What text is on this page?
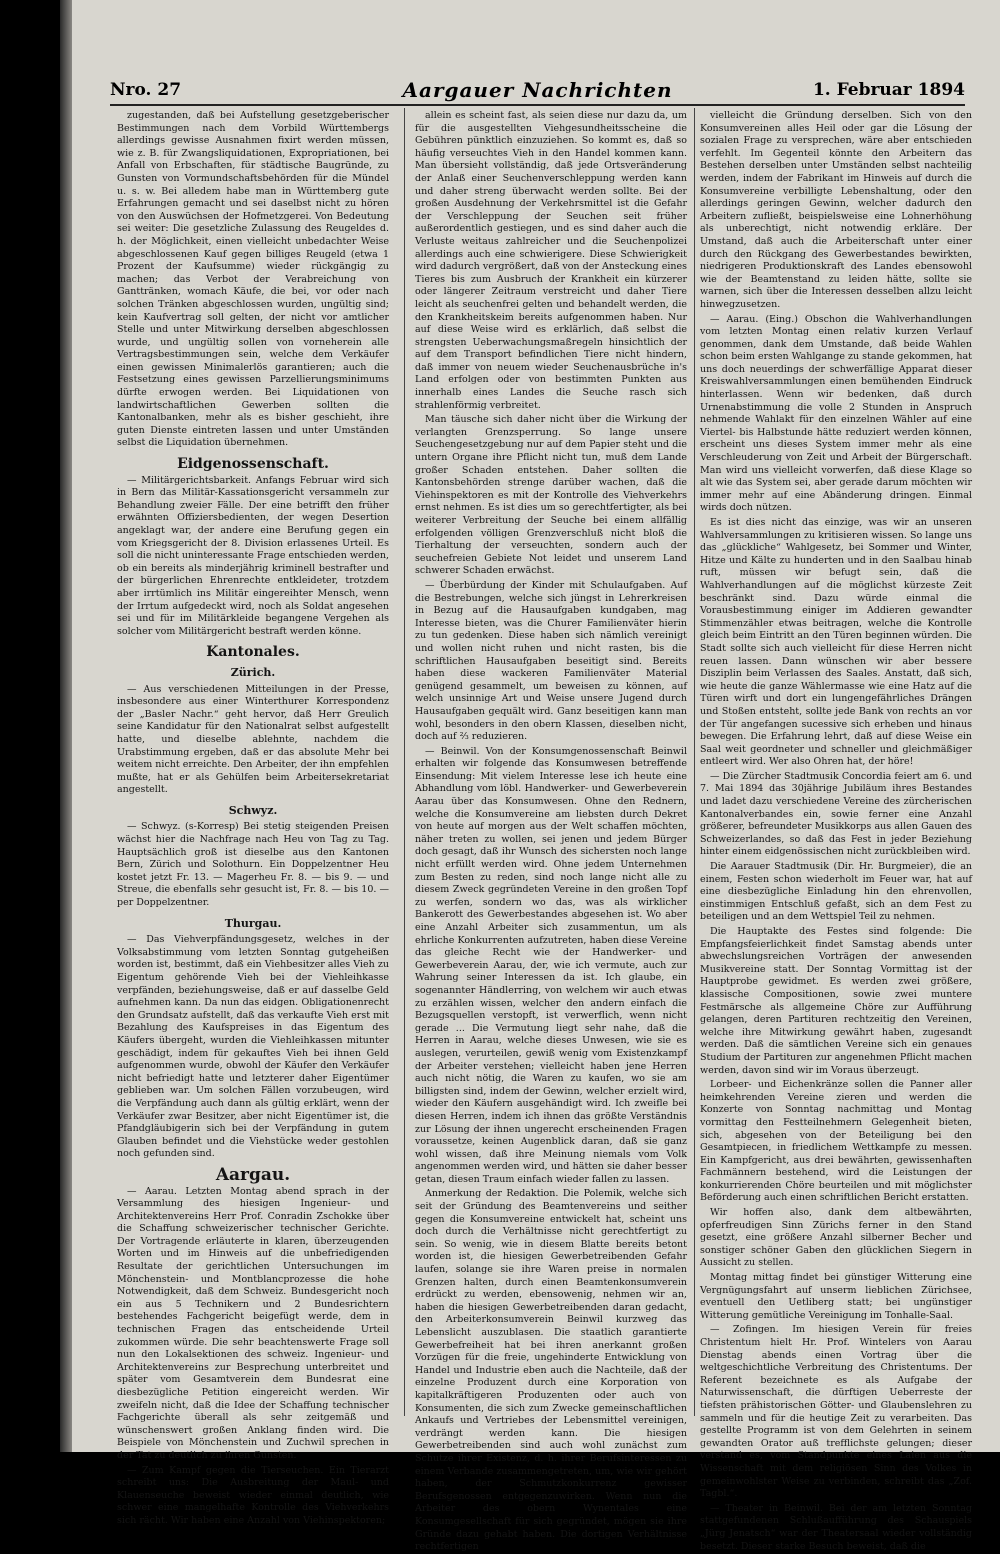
Nro. 27	Aargauer Nachrichten	1. Februar 1894

zugestanden, daß bei Aufstellung gesetzgeberischer Bestimmungen nach dem Vorbild Württembergs allerdings gewisse Ausnahmen fixirt werden müssen, wie z. B. für Zwangsliquidationen, Expropriationen, bei Anfall von Erbschaften, für städtische Baugründe, zu Gunsten von Vormundschaftsbehörden für die Mündel u. s. w. Bei alledem habe man in Württemberg gute Erfahrungen gemacht und sei daselbst nicht zu hören von den Auswüchsen der Hofmetzgerei. Von Bedeutung sei weiter: Die gesetzliche Zulassung des Reugeldes d. h. der Möglichkeit, einen vielleicht unbedachter Weise abgeschlossenen Kauf gegen billiges Reugeld (etwa 1 Prozent der Kaufsumme) wieder rückgängig zu machen; das Verbot der Verabreichung von Ganttränken, womach Käufe, die bei, vor oder nach solchen Tränken abgeschlossen wurden, ungültig sind; kein Kaufvertrag soll gelten, der nicht vor amtlicher Stelle und unter Mitwirkung derselben abgeschlossen wurde, und ungültig sollen von vorneherein alle Vertragsbestimmungen sein, welche dem Verkäufer einen gewissen Minimalerlös garantieren; auch die Festsetzung eines gewissen Parzellierungsminimums dürfte erwogen werden. Bei Liquidationen von landwirtschaftlichen Gewerben sollten die Kantonalbanken, mehr als es bisher geschieht, ihre guten Dienste eintreten lassen und unter Umständen selbst die Liquidation übernehmen.

Eidgenossenschaft.

— Militärgerichtsbarkeit. Anfangs Februar wird sich in Bern das Militär-Kassationsgericht versammeln zur Behandlung zweier Fälle. Der eine betrifft den früher erwähnten Offiziersbedienten, der wegen Desertion angeklagt war, der andere eine Berufung gegen ein vom Kriegsgericht der 8. Division erlassenes Urteil. Es soll die nicht uninteressante Frage entschieden werden, ob ein bereits als minderjährig kriminell bestrafter und der bürgerlichen Ehrenrechte entkleideter, trotzdem aber irrtümlich ins Militär eingereihter Mensch, wenn der Irrtum aufgedeckt wird, noch als Soldat angesehen sei und für im Militärkleide begangene Vergehen als solcher vom Militärgericht bestraft werden könne.

Kantonales.

Zürich.

— Aus verschiedenen Mitteilungen in der Presse, insbesondere aus einer Winterthurer Korrespondenz der „Basler Nachr.“ geht hervor, daß Herr Greulich seine Kandidatur für den Nationalrat selbst aufgestellt hatte, und dieselbe ablehnte, nachdem die Urabstimmung ergeben, daß er das absolute Mehr bei weitem nicht erreichte. Den Arbeiter, der ihn empfehlen mußte, hat er als Gehülfen beim Arbeitersekretariat angestellt.

Schwyz.

— Schwyz. (s-Korresp) Bei stetig steigenden Preisen wächst hier die Nachfrage nach Heu von Tag zu Tag. Hauptsächlich groß ist dieselbe aus den Kantonen Bern, Zürich und Solothurn. Ein Doppelzentner Heu kostet jetzt Fr. 13. — Magerheu Fr. 8. — bis 9. — und Streue, die ebenfalls sehr gesucht ist, Fr. 8. — bis 10. — per Doppelzentner.

Thurgau.

— Das Viehverpfändungsgesetz, welches in der Volksabstimmung vom letzten Sonntag gutgeheißen worden ist, bestimmt, daß ein Viehbesitzer alles Vieh zu Eigentum gehörende Vieh bei der Viehleihkasse verpfänden, beziehungsweise, daß er auf dasselbe Geld aufnehmen kann. Da nun das eidgen. Obligationenrecht den Grundsatz aufstellt, daß das verkaufte Vieh erst mit Bezahlung des Kaufspreises in das Eigentum des Käufers übergeht, wurden die Viehleihkassen mitunter geschädigt, indem für gekauftes Vieh bei ihnen Geld aufgenommen wurde, obwohl der Käufer den Verkäufer nicht befriedigt hatte und letzterer daher Eigentümer geblieben war. Um solchen Fällen vorzubeugen, wird die Verpfändung auch dann als gültig erklärt, wenn der Verkäufer zwar Besitzer, aber nicht Eigentümer ist, die Pfandgläubigerin sich bei der Verpfändung in gutem Glauben befindet und die Viehstücke weder gestohlen noch gefunden sind.

Aargau.

— Aarau. Letzten Montag abend sprach in der Versammlung des hiesigen Ingenieur- und Architektenvereins Herr Prof. Conradin Zschokke über die Schaffung schweizerischer technischer Gerichte. Der Vortragende erläuterte in klaren, überzeugenden Worten und im Hinweis auf die unbefriedigenden Resultate der gerichtlichen Untersuchungen im Mönchenstein- und Montblancprozesse die hohe Notwendigkeit, daß dem Schweiz. Bundesgericht noch ein aus 5 Technikern und 2 Bundesrichtern bestehendes Fachgericht beigefügt werde, dem in technischen Fragen das entscheidende Urteil zukommen würde. Die sehr beachtenswerte Frage soll nun den Lokalsektionen des schweiz. Ingenieur- und Architektenvereins zur Besprechung unterbreitet und später vom Gesamtverein dem Bundesrat eine diesbezügliche Petition eingereicht werden. Wir zweifeln nicht, daß die Idee der Schaffung technischer Fachgerichte überall als sehr zeitgemäß und wünschenswert großen Anklang finden wird. Die Beispiele von Mönchenstein und Zuchwil sprechen in der Tat zu deutlich zu ihren Gunsten.

— Zum Kampf gegen die Tierseuchen. Ein Tierarzt schreibt uns: Die Ausbreitung der Maul- und Klauenseuche beweist wieder einmal deutlich, wie schwer eine mangelhafte Kontrolle des Viehverkehrs sich rächt. Wir haben eine Anzahl von Viehinspektoren;

allein es scheint fast, als seien diese nur dazu da, um für die ausgestellten Viehgesundheitsscheine die Gebühren pünktlich einzuziehen. So kommt es, daß so häufig verseuchtes Vieh in den Handel kommen kann. Man übersieht vollständig, daß jede Ortsveränderung der Anlaß einer Seuchenverschleppung werden kann und daher streng überwacht werden sollte. Bei der großen Ausdehnung der Verkehrsmittel ist die Gefahr der Verschleppung der Seuchen seit früher außerordentlich gestiegen, und es sind daher auch die Verluste weitaus zahlreicher und die Seuchenpolizei allerdings auch eine schwierigere. Diese Schwierigkeit wird dadurch vergrößert, daß von der Ansteckung eines Tieres bis zum Ausbruch der Krankheit ein kürzerer oder längerer Zeitraum verstreicht und daher Tiere leicht als seuchenfrei gelten und behandelt werden, die den Krankheitskeim bereits aufgenommen haben. Nur auf diese Weise wird es erklärlich, daß selbst die strengsten Ueberwachungsmaßregeln hinsichtlich der auf dem Transport befindlichen Tiere nicht hindern, daß immer von neuem wieder Seuchenausbrüche in's Land erfolgen oder von bestimmten Punkten aus innerhalb eines Landes die Seuche rasch sich strahlenförmig verbreitet.

Man täusche sich daher nicht über die Wirkung der verlangten Grenzsperrung. So lange unsere Seuchengesetzgebung nur auf dem Papier steht und die untern Organe ihre Pflicht nicht tun, muß dem Lande großer Schaden entstehen. Daher sollten die Kantonsbehörden strenge darüber wachen, daß die Viehinspektoren es mit der Kontrolle des Viehverkehrs ernst nehmen. Es ist dies um so gerechtfertigter, als bei weiterer Verbreitung der Seuche bei einem allfällig erfolgenden völligen Grenzverschluß nicht bloß die Tierhaltung der verseuchten, sondern auch der seuchefreien Gebiete Not leidet und unserem Land schwerer Schaden erwächst.

— Überbürdung der Kinder mit Schulaufgaben. Auf die Bestrebungen, welche sich jüngst in Lehrerkreisen in Bezug auf die Hausaufgaben kundgaben, mag Interesse bieten, was die Churer Familienväter hierin zu tun gedenken. Diese haben sich nämlich vereinigt und wollen nicht ruhen und nicht rasten, bis die schriftlichen Hausaufgaben beseitigt sind. Bereits haben diese wackeren Familienväter Material genügend gesammelt, um beweisen zu können, auf welch unsinnige Art und Weise unsere Jugend durch Hausaufgaben gequält wird. Ganz beseitigen kann man wohl, besonders in den obern Klassen, dieselben nicht, doch auf ⅔ reduzieren.

— Beinwil. Von der Konsumgenossenschaft Beinwil erhalten wir folgende das Konsumwesen betreffende Einsendung: Mit vielem Interesse lese ich heute eine Abhandlung vom löbl. Handwerker- und Gewerbeverein Aarau über das Konsumwesen. Ohne den Rednern, welche die Konsumvereine am liebsten durch Dekret von heute auf morgen aus der Welt schaffen möchten, näher treten zu wollen, sei jenen und jedem Bürger doch gesagt, daß ihr Wunsch des sichersten noch lange nicht erfüllt werden wird. Ohne jedem Unternehmen zum Besten zu reden, sind noch lange nicht alle zu diesem Zweck gegründeten Vereine in den großen Topf zu werfen, sondern wo das, was als wirklicher Bankerott des Gewerbestandes abgesehen ist. Wo aber eine Anzahl Arbeiter sich zusammentun, um als ehrliche Konkurrenten aufzutreten, haben diese Vereine das gleiche Recht wie der Handwerker- und Gewerbeverein Aarau, der, wie ich vermute, auch zur Wahrung seiner Interessen da ist. Ich glaube, ein sogenannter Händlerring, von welchem wir auch etwas zu erzählen wissen, welcher den andern einfach die Bezugsquellen verstopft, ist verwerflich, wenn nicht gerade ... Die Vermutung liegt sehr nahe, daß die Herren in Aarau, welche dieses Unwesen, wie sie es auslegen, verurteilen, gewiß wenig vom Existenzkampf der Arbeiter verstehen; vielleicht haben jene Herren auch nicht nötig, die Waren zu kaufen, wo sie am billigsten sind, indem der Gewinn, welcher erzielt wird, wieder den Käufern ausgehändigt wird. Ich zweifle bei diesen Herren, indem ich ihnen das größte Verständnis zur Lösung der ihnen ungerecht erscheinenden Fragen voraussetze, keinen Augenblick daran, daß sie ganz wohl wissen, daß ihre Meinung niemals vom Volk angenommen werden wird, und hätten sie daher besser getan, diesen Traum einfach wieder fallen zu lassen.

Anmerkung der Redaktion. Die Polemik, welche sich seit der Gründung des Beamtenvereins und seither gegen die Konsumvereine entwickelt hat, scheint uns doch durch die Verhältnisse nicht gerechtfertigt zu sein. So wenig, wie in diesem Blatte bereits betont worden ist, die hiesigen Gewerbetreibenden Gefahr laufen, solange sie ihre Waren preise in normalen Grenzen halten, durch einen Beamtenkonsumverein erdrückt zu werden, ebensowenig, nehmen wir an, haben die hiesigen Gewerbetreibenden daran gedacht, den Arbeiterkonsumverein Beinwil kurzweg das Lebenslicht auszublasen. Die staatlich garantierte Gewerbefreiheit hat bei ihren anerkannt großen Vorzügen für die freie, ungehinderte Entwicklung von Handel und Industrie eben auch die Nachteile, daß der einzelne Produzent durch eine Korporation von kapitalkräftigeren Produzenten oder auch von Konsumenten, die sich zum Zwecke gemeinschaftlichen Ankaufs und Vertriebes der Lebensmittel vereinigen, verdrängt werden kann. Die hiesigen Gewerbetreibenden sind auch wohl zunächst zum Schutze ihrer Existenz, d. h. ihrer Berufsinteressen zu einem Verbande zusammengetreten, um, wie wir gehört haben, der Schmutzkonkurrenz gewisser Berufsgenossen entgegenzuwirken. Wenn nun die Arbeiter des obern Wynentales eine Konsumgesellschaft für sich gegründet, mögen sie ihre Gründe dazu gehabt haben. Die dortigen Verhältnisse rechtfertigen

vielleicht die Gründung derselben. Sich von den Konsumvereinen alles Heil oder gar die Lösung der sozialen Frage zu versprechen, wäre aber entschieden verfehlt. Im Gegenteil könnte den Arbeitern das Bestehen derselben unter Umständen selbst nachteilig werden, indem der Fabrikant im Hinweis auf durch die Konsumvereine verbilligte Lebenshaltung, oder den allerdings geringen Gewinn, welcher dadurch den Arbeitern zufließt, beispielsweise eine Lohnerhöhung als unberechtigt, nicht notwendig erkläre. Der Umstand, daß auch die Arbeiterschaft unter einer durch den Rückgang des Gewerbestandes bewirkten, niedrigeren Produktionskraft des Landes ebensowohl wie der Beamtenstand zu leiden hätte, sollte sie warnen, sich über die Interessen desselben allzu leicht hinwegzusetzen.

— Aarau. (Eing.) Obschon die Wahlverhandlungen vom letzten Montag einen relativ kurzen Verlauf genommen, dank dem Umstande, daß beide Wahlen schon beim ersten Wahlgange zu stande gekommen, hat uns doch neuerdings der schwerfällige Apparat dieser Kreiswahlversammlungen einen bemühenden Eindruck hinterlassen. Wenn wir bedenken, daß durch Urnenabstimmung die volle 2 Stunden in Anspruch nehmende Wahlakt für den einzelnen Wähler auf eine Viertel- bis Halbstunde hätte reduziert werden können, erscheint uns dieses System immer mehr als eine Verschleuderung von Zeit und Arbeit der Bürgerschaft. Man wird uns vielleicht vorwerfen, daß diese Klage so alt wie das System sei, aber gerade darum möchten wir immer mehr auf eine Abänderung dringen. Einmal wirds doch nützen.

Es ist dies nicht das einzige, was wir an unseren Wahlversammlungen zu kritisieren wissen. So lange uns das „glückliche“ Wahlgesetz, bei Sommer und Winter, Hitze und Kälte zu hunderten und in den Saalbau hinab ruft, müssen wir befugt sein, daß die Wahlverhandlungen auf die möglichst kürzeste Zeit beschränkt sind. Dazu würde einmal die Vorausbestimmung einiger im Addieren gewandter Stimmenzähler etwas beitragen, welche die Kontrolle gleich beim Eintritt an den Türen beginnen würden. Die Stadt sollte sich auch vielleicht für diese Herren nicht reuen lassen. Dann wünschen wir aber bessere Disziplin beim Verlassen des Saales. Anstatt, daß sich, wie heute die ganze Wählermasse wie eine Hatz auf die Türen wirft und dort ein lungengefährliches Drängen und Stoßen entsteht, sollte jede Bank von rechts an vor der Tür angefangen sucessive sich erheben und hinaus bewegen. Die Erfahrung lehrt, daß auf diese Weise ein Saal weit geordneter und schneller und gleichmäßiger entleert wird. Wer also Ohren hat, der höre!

— Die Zürcher Stadtmusik Concordia feiert am 6. und 7. Mai 1894 das 30jährige Jubiläum ihres Bestandes und ladet dazu verschiedene Vereine des zürcherischen Kantonalverbandes ein, sowie ferner eine Anzahl größerer, befreundeter Musikkorps aus allen Gauen des Schweizerlandes, so daß das Fest in jeder Beziehung hinter einem eidgenössischen nicht zurückbleiben wird.

Die Aarauer Stadtmusik (Dir. Hr. Burgmeier), die an einem, Festen schon wiederholt im Feuer war, hat auf eine diesbezügliche Einladung hin den ehrenvollen, einstimmigen Entschluß gefaßt, sich an dem Fest zu beteiligen und an dem Wettspiel Teil zu nehmen.

Die Hauptakte des Festes sind folgende: Die Empfangsfeierlichkeit findet Samstag abends unter abwechslungsreichen Vorträgen der anwesenden Musikvereine statt. Der Sonntag Vormittag ist der Hauptprobe gewidmet. Es werden zwei größere, klassische Compositionen, sowie zwei muntere Festmärsche als allgemeine Chöre zur Aufführung gelangen, deren Partituren rechtzeitig den Vereinen, welche ihre Mitwirkung gewährt haben, zugesandt werden. Daß die sämtlichen Vereine sich ein genaues Studium der Partituren zur angenehmen Pflicht machen werden, davon sind wir im Voraus überzeugt.

Lorbeer- und Eichenkränze sollen die Panner aller heimkehrenden Vereine zieren und werden die Konzerte von Sonntag nachmittag und Montag vormittag den Festteilnehmern Gelegenheit bieten, sich, abgesehen von der Beteiligung bei den Gesamtpiecen, in friedlichem Wettkampfe zu messen. Ein Kampfgericht, aus drei bewährten, gewissenhaften Fachmännern bestehend, wird die Leistungen der konkurrierenden Chöre beurteilen und mit möglichster Beförderung auch einen schriftlichen Bericht erstatten.

Wir hoffen also, dank dem altbewährten, opferfreudigen Sinn Zürichs ferner in den Stand gesetzt, eine größere Anzahl silberner Becher und sonstiger schöner Gaben den glücklichen Siegern in Aussicht zu stellen.

Montag mittag findet bei günstiger Witterung eine Vergnügungsfahrt auf unserm lieblichen Zürichsee, eventuell den Uetliberg statt; bei ungünstiger Witterung gemütliche Vereinigung im Tonhalle-Saal.

— Zofingen. Im hiesigen Verein für freies Christentum hielt Hr. Prof. Wintelers von Aarau Dienstag abends einen Vortrag über die weltgeschichtliche Verbreitung des Christentums. Der Referent bezeichnete es als Aufgabe der Naturwissenschaft, die dürftigen Ueberreste der tiefsten prähistorischen Götter- und Glaubenslehren zu sammeln und für die heutige Zeit zu verarbeiten. Das gestellte Programm ist von dem Gelehrten in seinem gewandten Orator auß trefflichste gelungen; dieser verstand es, vom Standpunkte eines Laien aus die Wissenschaft mit dem religiösen Sinn des Volkes in gemeinwohlster Weise zu verbinden, schreibt das „Zof. Tagbl.“.

— Theater in Beinwil. Bei der am letzten Sonntag stattgefundenen Schlußaufführung des Schauspiels „Jürg Jenatsch“ war der Theatersaal wieder vollständig besetzt. Dieser starke Besuch beweist, daß die
